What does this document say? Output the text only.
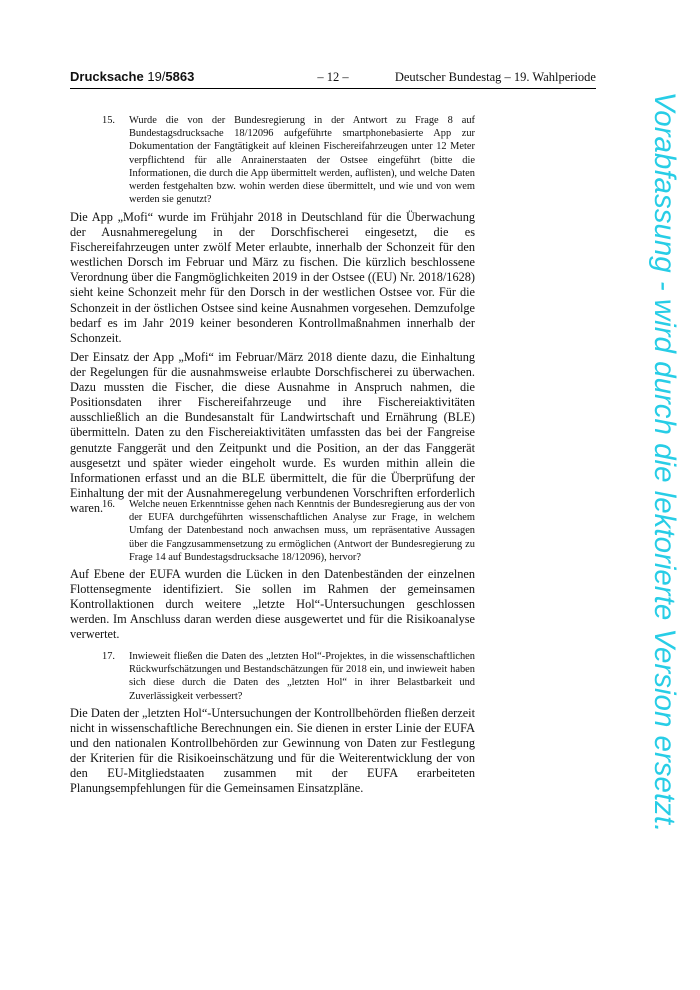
Drucksache 19/5863	– 12 –	Deutscher Bundestag – 19. Wahlperiode
15.	Wurde die von der Bundesregierung in der Antwort zu Frage 8 auf Bundestagsdrucksache 18/12096 aufgeführte smartphonebasierte App zur Dokumentation der Fangtätigkeit auf kleinen Fischereifahrzeugen unter 12 Meter verpflichtend für alle Anrainerstaaten der Ostsee eingeführt (bitte die Informationen, die durch die App übermittelt werden, auflisten), und welche Daten werden festgehalten bzw. wohin werden diese übermittelt, und wie und von wem werden sie genutzt?

Die App „Mofi“ wurde im Frühjahr 2018 in Deutschland für die Überwachung der Ausnahmeregelung in der Dorschfischerei eingesetzt, die es Fischereifahrzeugen unter zwölf Meter erlaubte, innerhalb der Schonzeit für den westlichen Dorsch im Februar und März zu fischen. Die kürzlich beschlossene Verordnung über die Fangmöglichkeiten 2019 in der Ostsee ((EU) Nr. 2018/1628) sieht keine Schonzeit mehr für den Dorsch in der westlichen Ostsee vor. Für die Schonzeit in der östlichen Ostsee sind keine Ausnahmen vorgesehen. Demzufolge bedarf es im Jahr 2019 keiner besonderen Kontrollmaßnahmen innerhalb der Schonzeit.

Der Einsatz der App „Mofi“ im Februar/März 2018 diente dazu, die Einhaltung der Regelungen für die ausnahmsweise erlaubte Dorschfischerei zu überwachen. Dazu mussten die Fischer, die diese Ausnahme in Anspruch nahmen, die Positionsdaten ihrer Fischereifahrzeuge und ihre Fischereiaktivitäten ausschließlich an die Bundesanstalt für Landwirtschaft und Ernährung (BLE) übermitteln. Daten zu den Fischereiaktivitäten umfassten das bei der Fangreise genutzte Fanggerät und den Zeitpunkt und die Position, an der das Fanggerät ausgesetzt und später wieder eingeholt wurde. Es wurden mithin allein die Informationen erfasst und an die BLE übermittelt, die für die Überprüfung der Einhaltung der mit der Ausnahmeregelung verbundenen Vorschriften erforderlich waren.

16.	Welche neuen Erkenntnisse gehen nach Kenntnis der Bundesregierung aus der von der EUFA durchgeführten wissenschaftlichen Analyse zur Frage, in welchem Umfang der Datenbestand noch anwachsen muss, um repräsentative Aussagen über die Fangzusammensetzung zu ermöglichen (Antwort der Bundesregierung zu Frage 14 auf Bundestagsdrucksache 18/12096), hervor?

Auf Ebene der EUFA wurden die Lücken in den Datenbeständen der einzelnen Flottensegmente identifiziert. Sie sollen im Rahmen der gemeinsamen Kontrollaktionen durch weitere „letzte Hol“-Untersuchungen geschlossen werden. Im Anschluss daran werden diese ausgewertet und für die Risikoanalyse verwertet.

17.	Inwieweit fließen die Daten des „letzten Hol“-Projektes, in die wissenschaftlichen Rückwurfschätzungen und Bestandschätzungen für 2018 ein, und inwieweit haben sich diese durch die Daten des „letzten Hol“ in ihrer Belastbarkeit und Zuverlässigkeit verbessert?

Die Daten der „letzten Hol“-Untersuchungen der Kontrollbehörden fließen derzeit nicht in wissenschaftliche Berechnungen ein. Sie dienen in erster Linie der EUFA und den nationalen Kontrollbehörden zur Gewinnung von Daten zur Festlegung der Kriterien für die Risikoeinschätzung und für die Weiterentwicklung der von den EU-Mitgliedstaaten zusammen mit der EUFA erarbeiteten Planungsempfehlungen für die Gemeinsamen Einsatzpläne.	Vorabfassung - wird durch die lektorierte Version ersetzt.
